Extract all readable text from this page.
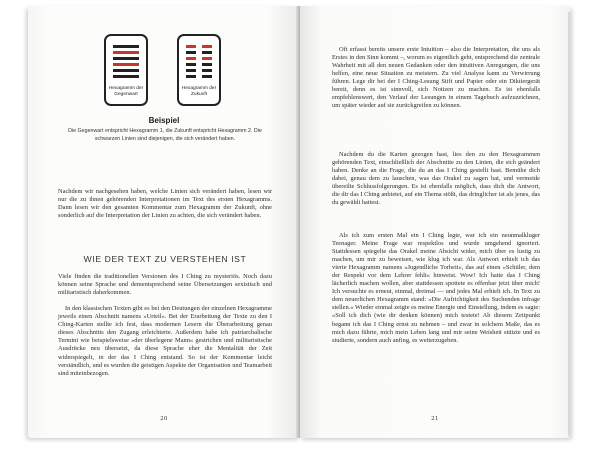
Hexagramm der Gegenwart
Hexagramm der Zukunft
Beispiel
Die Gegenwart entspricht Hexagramm 1, die Zukunft entspricht Hexagramm 2. Die schwarzen Linien sind diejenigen, die sich verändert haben.
Nachdem wir nachgesehen haben, welche Linien sich verändert haben, lesen wir nur die zu ihnen gehörenden Interpretationen im Text des ersten Hexagramms. Dann lesen wir den gesamten Kommentar zum Hexagramm der Zukunft, ohne sonderlich auf die Interpretation der Linien zu achten, die sich verändert haben.
WIE DER TEXT ZU VERSTEHEN IST
Viele finden die traditionellen Versionen des I Ching zu mysteriös. Noch dazu können seine Sprache und dementsprechend seine Übersetzungen sexistisch und militaristisch daherkommen.
In den klassischen Texten gibt es bei den Deutungen der einzelnen Hexagramme jeweils einen Abschnitt namens »Urteil«. Bei der Erarbeitung der Texte zu den I Ching-Karten stellte ich fest, dass modernen Lesern die Überarbeitung genau dieses Abschnitts den Zugang erleichterte. Außerdem habe ich patriarchalische Termini wie beispielsweise »der überlegene Mann« gestrichen und militaristische Ausdrücke neu übersetzt, da diese Sprache eher die Mentalität der Zeit widerspiegelt, in der das I Ching entstand. So ist der Kommentar leicht verständlich, und es wurden die geistigen Aspekte der Organisation und Teamarbeit sind miteinbezogen.
20
Oft erfasst bereits unsere erste Intuition – also die Interpretation, die uns als Erstes in den Sinn kommt –, worum es eigentlich geht, entsprechend die zentrale Wahrheit mit all den neuen Gedanken oder den intuitiven Anregungen, die uns helfen, eine neue Situation zu meistern. Zu viel Analyse kann zu Verwirrung führen. Lege dir bei der I Ching-Lesung Stift und Papier oder ein Diktiergerät bereit, denn es ist sinnvoll, sich Notizen zu machen. Es ist ebenfalls empfehlenswert, den Verlauf der Lesungen in einem Tagebuch aufzuzeichnen, um später wieder auf sie zurückgreifen zu können.
Nachdem du die Karten gezogen hast, lies den zu den Hexagrammen gehörenden Text, einschließlich der Abschnitte zu den Linien, die sich geändert haben. Denke an die Frage, die du an das I Ching gestellt hast. Bemühe dich dabei, genau dem zu lauschen, was das Orakel zu sagen hat, und vermeide übereilte Schlussfolgerungen. Es ist ebenfalls möglich, dass dich die Antwort, die dir das I Ching anbietet, auf ein Thema stößt, das dringlicher ist als jenes, das du gewählt hattest.
Als ich zum ersten Mal ein I Ching legte, war ich ein neunmalkluger Teenager. Meine Frage war respektlos und wurde umgehend ignoriert. Stattdessen spiegelte das Orakel meine Absicht wider, mich über es lustig zu machen, um mir zu beweisen, wie klug ich war. Als Antwort erhielt ich das vierte Hexagramm namens »Jugendliche Torheit«, das auf einen »Schüler, dem der Respekt vor dem Lehrer fehlt« hinweist. Wow! Ich hatte das I Ching lächerlich machen wollen, aber stattdessen spottete es offenbar jetzt über mich! Ich versuchte es erneut, einmal, dreimal — und jedes Mal erhielt ich. In Text zu dem neuerlichen Hexagramm stand: »Die Aufrichtigkeit des Suchenden infrage stellen.« Wieder einmal zeigte es meine Energie und Einstellung, indem es sagte: »Soll ich dich (wie dir denken können) mich testete! Ab diesem Zeitpunkt begann ich das I Ching ernst zu nehmen – und zwar in solchem Maße, das es mich dazu führte, mich mein Leben lang und mir seine Weisheit stützte und es studierte, sondern auch anfing, es weiterzugeben.
21
